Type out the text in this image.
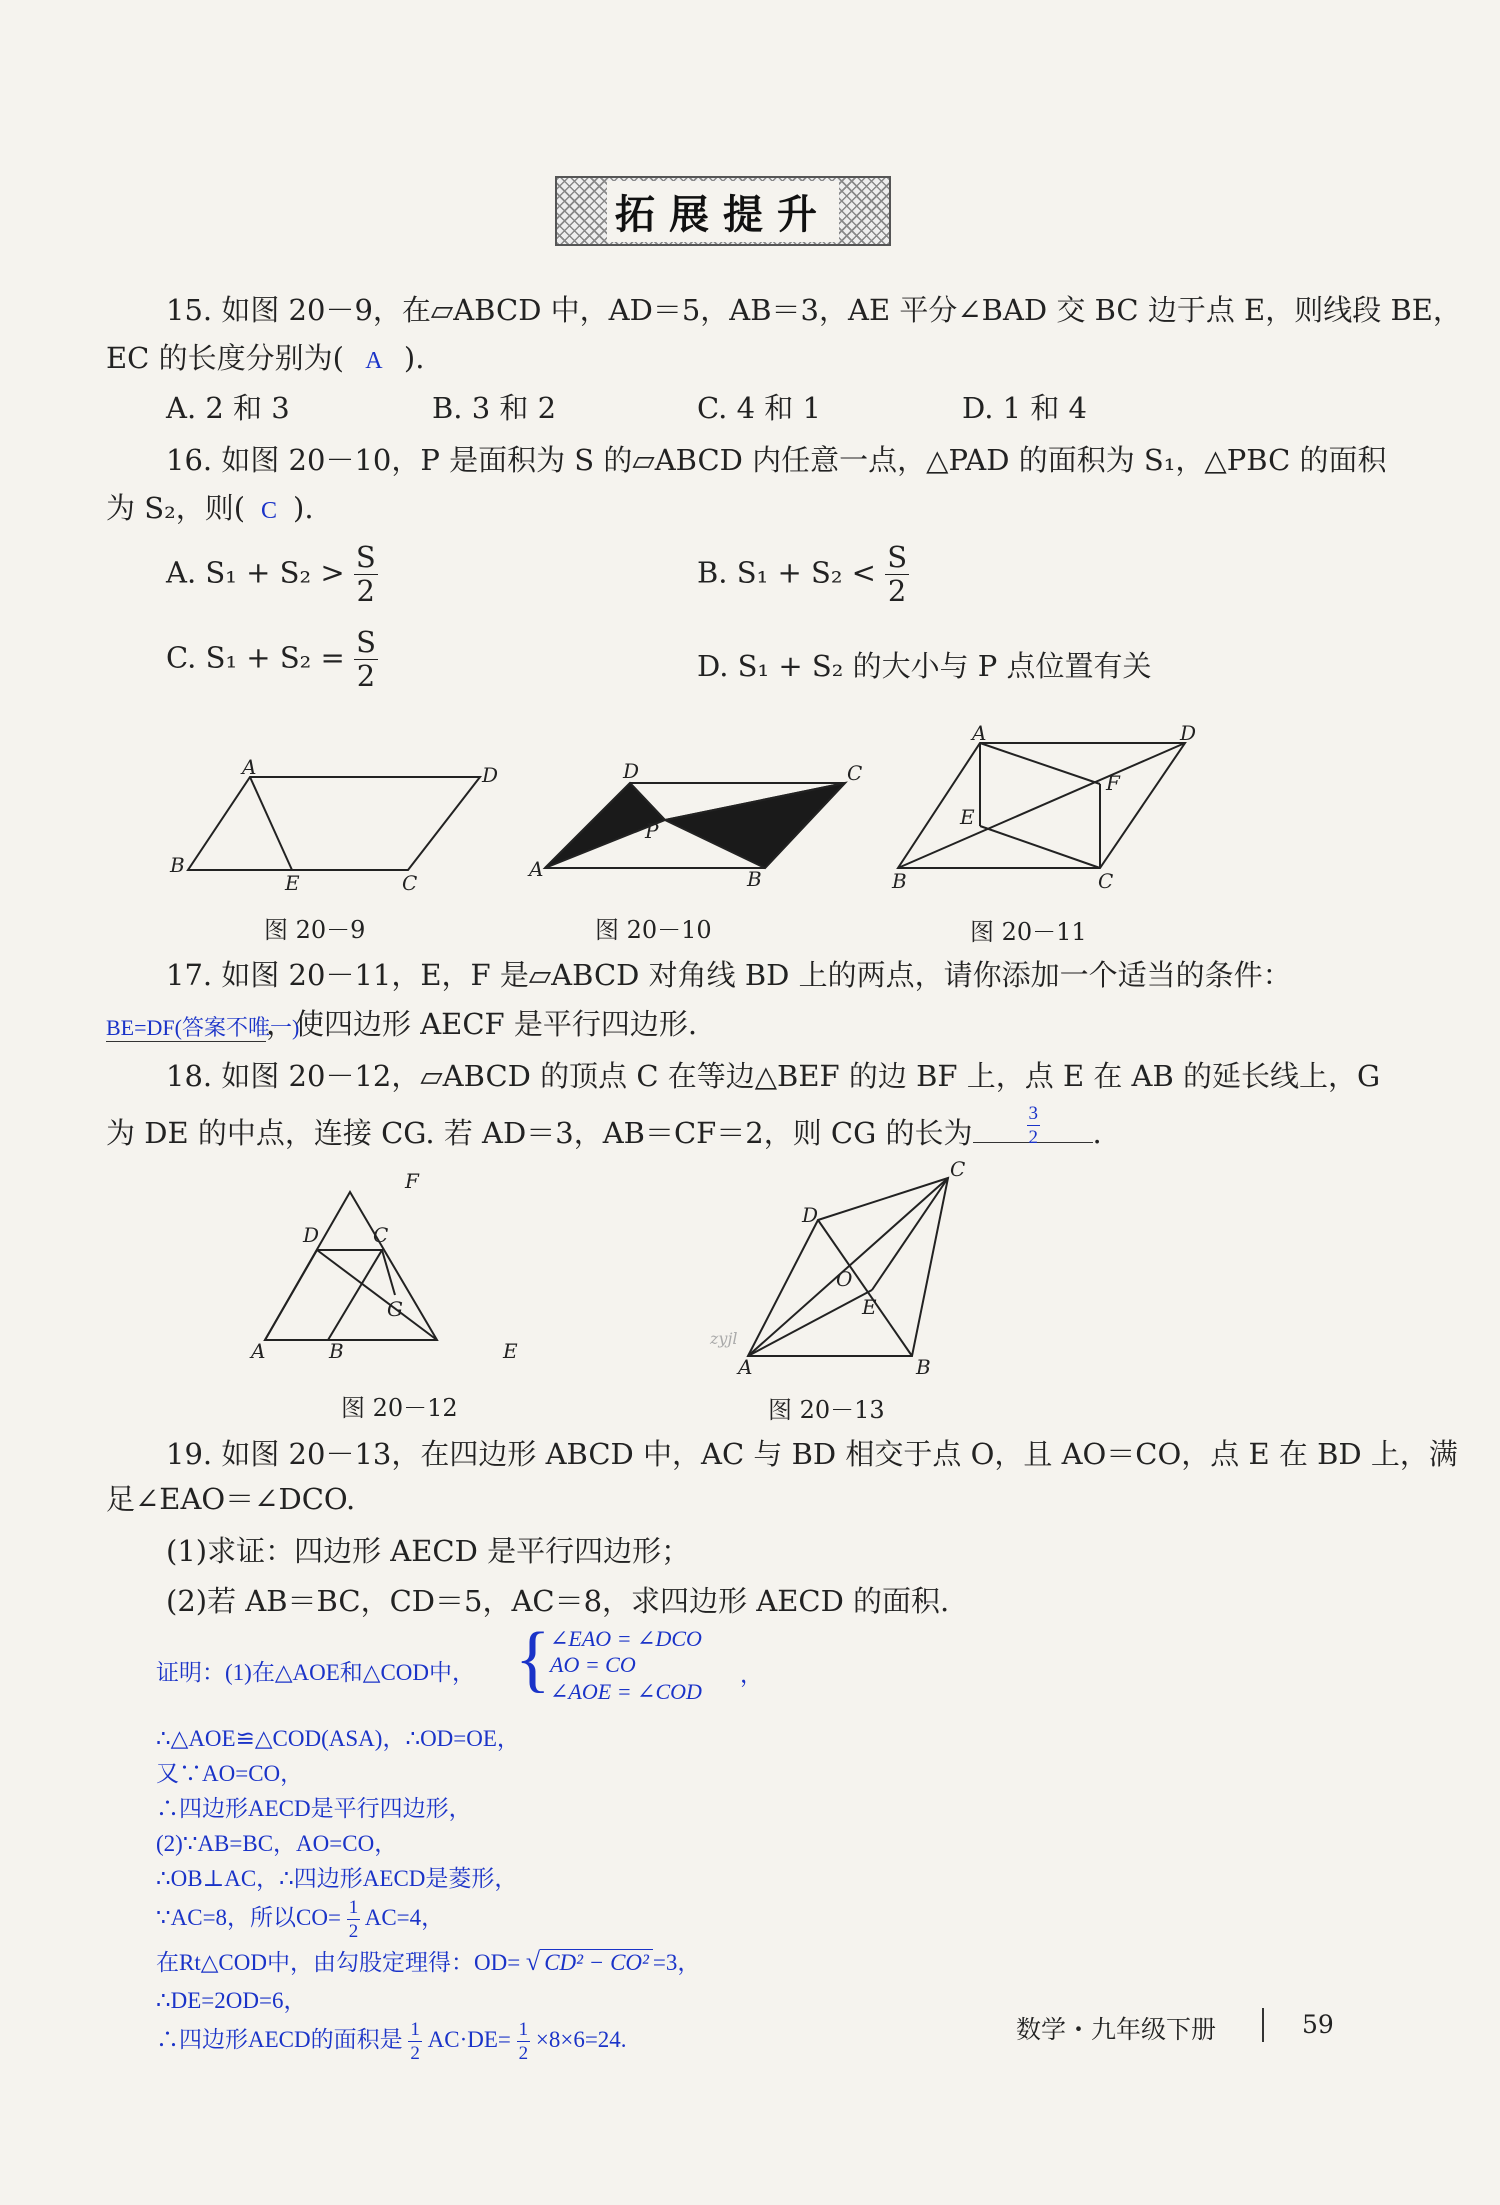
拓展提升
15. 如图 20－9，在▱ABCD 中，AD＝5，AB＝3，AE 平分∠BAD 交 BC 边于点 E，则线段 BE，
EC 的长度分别为( A ).
A. 2 和 3	B. 3 和 2	C. 4 和 1	D. 1 和 4
16. 如图 20－10，P 是面积为 S 的▱ABCD 内任意一点，△PAD 的面积为 S₁，△PBC 的面积
为 S₂，则( C ).
A. $S_1 + S_2 > \frac{S}{2}$	B. $S_1 + S_2 < \frac{S}{2}$
C. $S_1 + S_2 = \frac{S}{2}$	D. S₁ + S₂ 的大小与 P 点位置有关
A	D
B
E	C
图 20－9
D	C
P
A	B
图 20－10
A	D
F
E
B	C
图 20－11
17. 如图 20－11，E，F 是▱ABCD 对角线 BD 上的两点，请你添加一个适当的条件：
BE=DF(答案不唯一)，使四边形 AECF 是平行四边形.
18. 如图 20－12，▱ABCD 的顶点 C 在等边△BEF 的边 BF 上，点 E 在 AB 的延长线上，G
为 DE 的中点，连接 CG. 若 AD＝3，AB＝CF＝2，则 CG 的长为	$\frac{3}{2}$ .
F
D	C
G
A	B	E
图 20－12
C
D
O
E
A	B
zyjl
图 20－13
19. 如图 20－13，在四边形 ABCD 中，AC 与 BD 相交于点 O，且 AO＝CO，点 E 在 BD 上，满
足∠EAO＝∠DCO.
(1)求证：四边形 AECD 是平行四边形；
(2)若 AB＝BC，CD＝5，AC＝8，求四边形 AECD 的面积.
证明：(1)在△AOE和△COD中， { ∠EAO = ∠DCO
AO = CO
∠AOE = ∠COD
，
∴△AOE≌△COD(ASA)，∴OD=OE，
又∵AO=CO，
∴四边形AECD是平行四边形，
(2)∵AB=BC，AO=CO，
∴OB⊥AC，∴四边形AECD是菱形，
∵AC=8，所以$CO= \frac{1}{2} AC=4$，
在Rt△COD中，由勾股定理得：OD= √ CD² − CO² =3，
∴DE=2OD=6，
∴四边形AECD的面积是 $\frac{1}{2} AC\cdot DE= \frac{1}{2} \times 8\times 6=24$.	数学・九年级下册	59
